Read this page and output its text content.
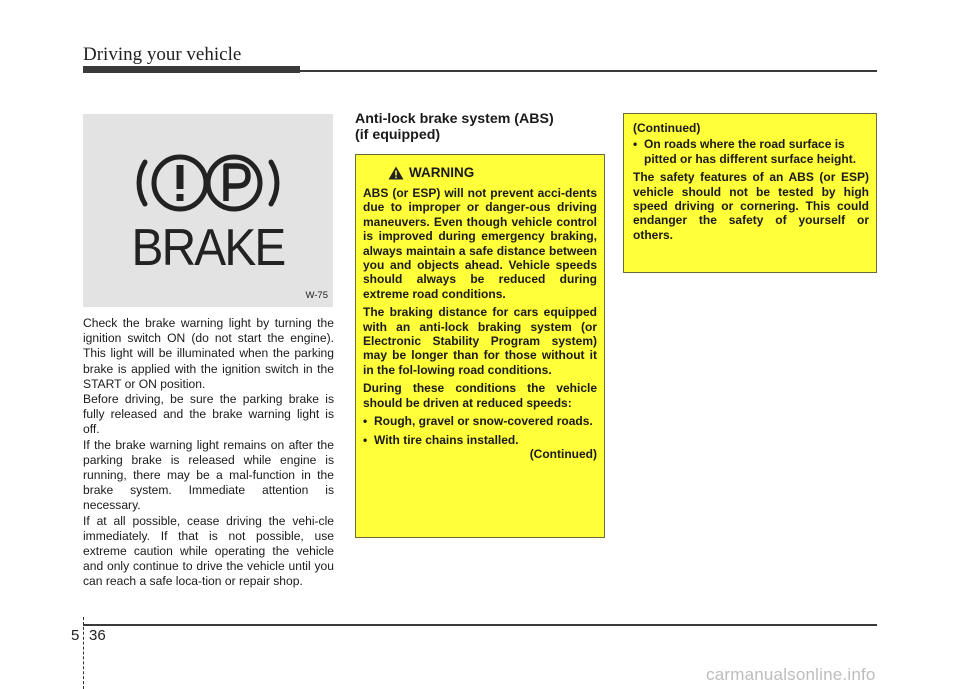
Driving your vehicle
BRAKE
W-75

Check the brake warning light by turning the ignition switch ON (do not start the engine). This light will be illuminated when the parking brake is applied with the ignition switch in the START or ON position.

Before driving, be sure the parking brake is fully released and the brake warning light is off.

If the brake warning light remains on after the parking brake is released while engine is running, there may be a mal-function in the brake system. Immediate attention is necessary.

If at all possible, cease driving the vehi-cle immediately. If that is not possible, use extreme caution while operating the vehicle and only continue to drive the vehicle until you can reach a safe loca-tion or repair shop.

Anti-lock brake system (ABS)
(if equipped)
WARNING

ABS (or ESP) will not prevent acci-dents due to improper or danger-ous driving maneuvers. Even though vehicle control is improved during emergency braking, always maintain a safe distance between you and objects ahead. Vehicle speeds should always be reduced during extreme road conditions.

The braking distance for cars equipped with an anti-lock braking system (or Electronic Stability Program system) may be longer than for those without it in the fol-lowing road conditions.

During these conditions the vehicle should be driven at reduced speeds:

• Rough, gravel or snow-covered roads.
• With tire chains installed.
(Continued)
(Continued)
• On roads where the road surface is pitted or has different surface height.

The safety features of an ABS (or ESP) vehicle should not be tested by high speed driving or cornering. This could endanger the safety of yourself or others.

5 36
carmanualsonline.info
